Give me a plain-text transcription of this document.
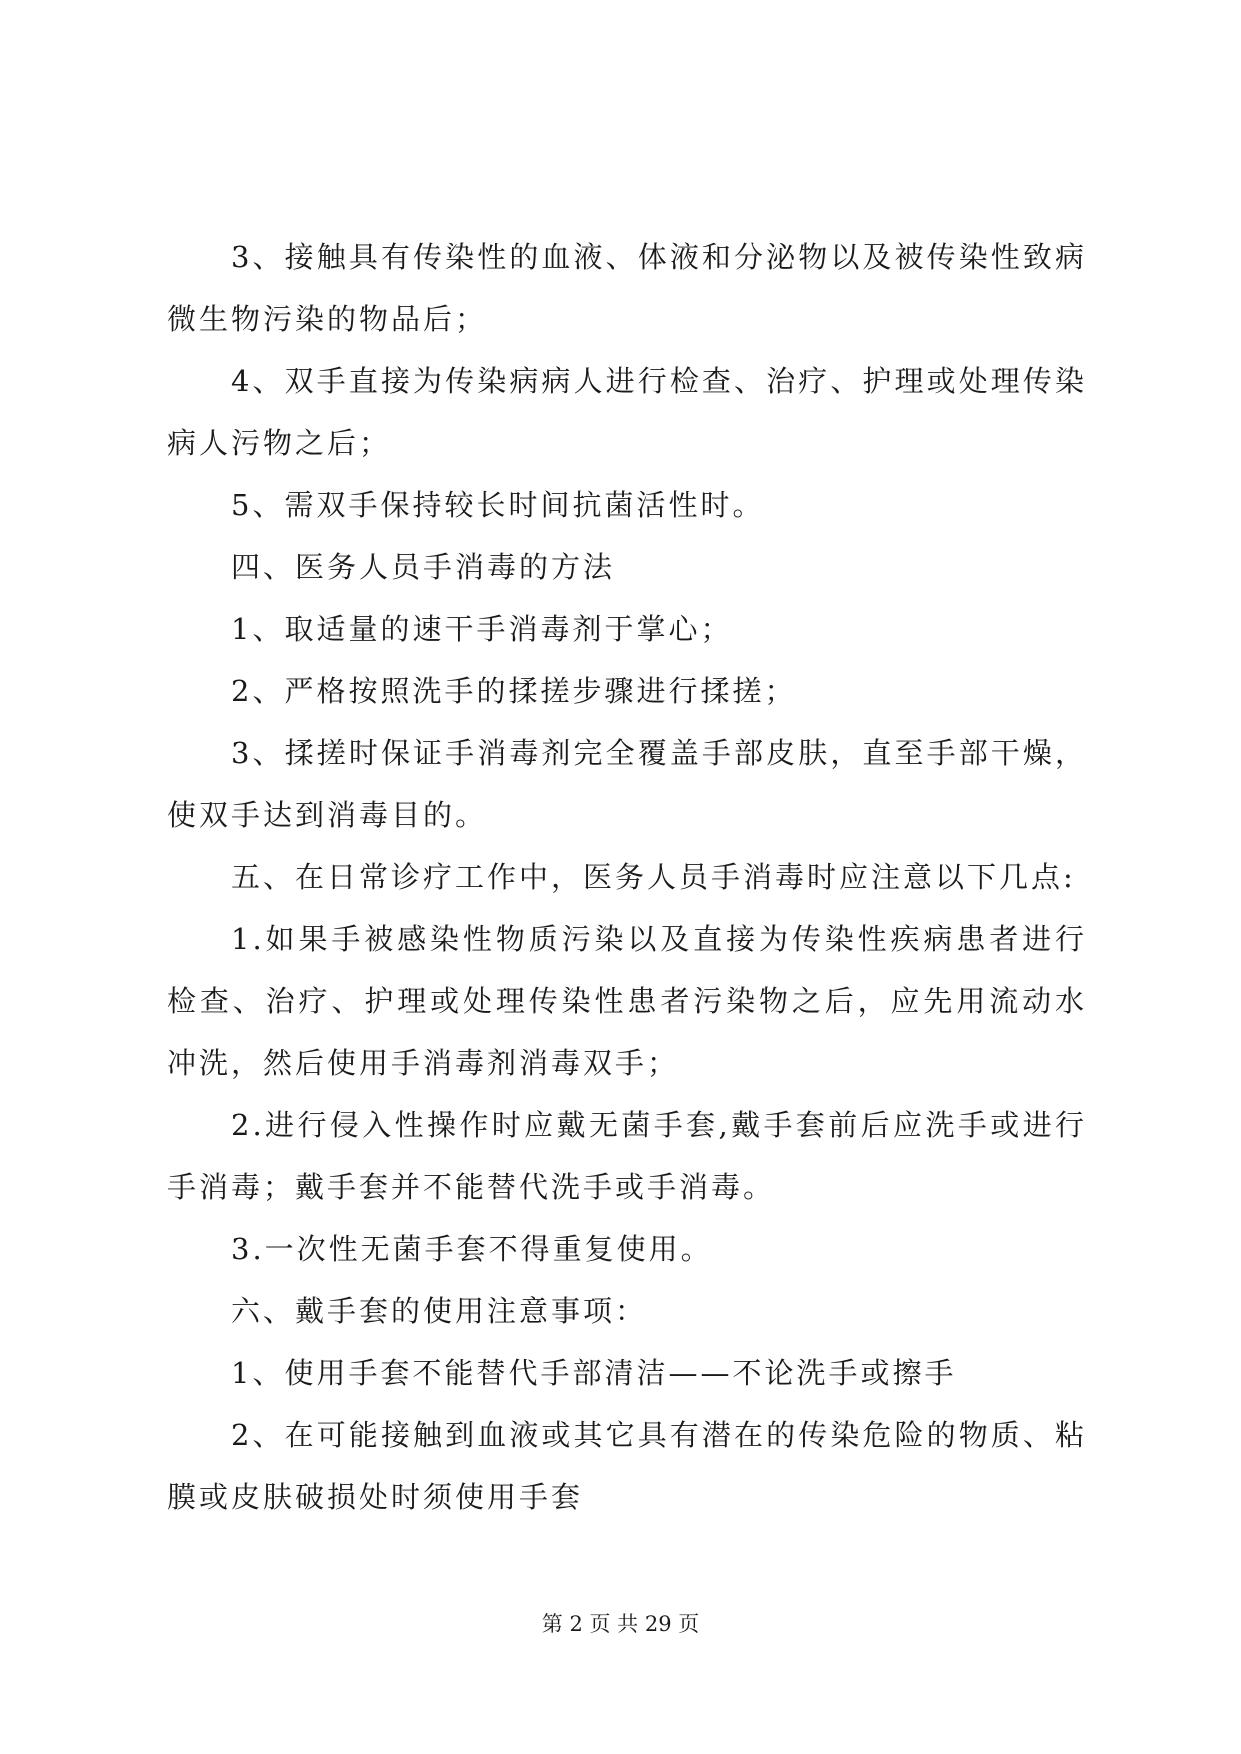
3、接触具有传染性的血液、体液和分泌物以及被传染性致病微生物污染的物品后；

4、双手直接为传染病病人进行检查、治疗、护理或处理传染病人污物之后；

5、需双手保持较长时间抗菌活性时。

四、医务人员手消毒的方法

1、取适量的速干手消毒剂于掌心；

2、严格按照洗手的揉搓步骤进行揉搓；

3、揉搓时保证手消毒剂完全覆盖手部皮肤，直至手部干燥，使双手达到消毒目的。

五、在日常诊疗工作中，医务人员手消毒时应注意以下几点:

1.如果手被感染性物质污染以及直接为传染性疾病患者进行检查、治疗、护理或处理传染性患者污染物之后，应先用流动水冲洗，然后使用手消毒剂消毒双手；

2.进行侵入性操作时应戴无菌手套,戴手套前后应洗手或进行手消毒；戴手套并不能替代洗手或手消毒。

3.一次性无菌手套不得重复使用。

六、戴手套的使用注意事项：

1、使用手套不能替代手部清洁——不论洗手或擦手

2、在可能接触到血液或其它具有潜在的传染危险的物质、粘膜或皮肤破损处时须使用手套

第 2 页 共 29 页
